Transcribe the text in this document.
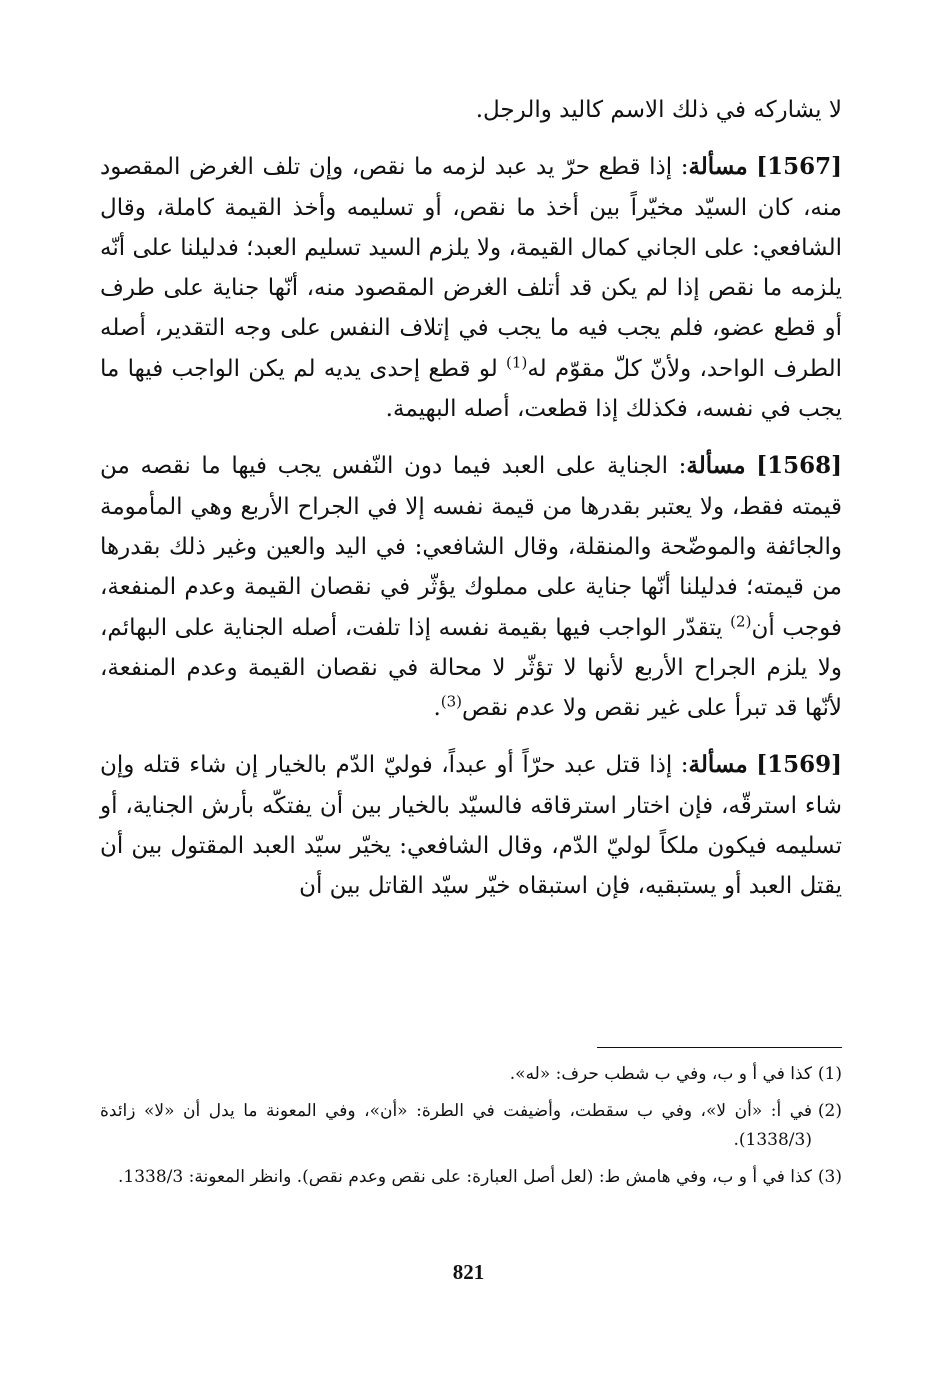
لا يشاركه في ذلك الاسم كاليد والرجل.

[1567] مسألة: إذا قطع حرّ يد عبد لزمه ما نقص، وإن تلف الغرض المقصود منه، كان السيّد مخيّراً بين أخذ ما نقص، أو تسليمه وأخذ القيمة كاملة، وقال الشافعي: على الجاني كمال القيمة، ولا يلزم السيد تسليم العبد؛ فدليلنا على أنّه يلزمه ما نقص إذا لم يكن قد أتلف الغرض المقصود منه، أنّها جناية على طرف أو قطع عضو، فلم يجب فيه ما يجب في إتلاف النفس على وجه التقدير، أصله الطرف الواحد، ولأنّ كلّ مقوّم له$^{(1)}$ لو قطع إحدى يديه لم يكن الواجب فيها ما يجب في نفسه، فكذلك إذا قطعت، أصله البهيمة.

[1568] مسألة: الجناية على العبد فيما دون النّفس يجب فيها ما نقصه من قيمته فقط، ولا يعتبر بقدرها من قيمة نفسه إلا في الجراح الأربع وهي المأمومة والجائفة والموضّحة والمنقلة، وقال الشافعي: في اليد والعين وغير ذلك بقدرها من قيمته؛ فدليلنا أنّها جناية على مملوك يؤثّر في نقصان القيمة وعدم المنفعة، فوجب أن$^{(2)}$ يتقدّر الواجب فيها بقيمة نفسه إذا تلفت، أصله الجناية على البهائم، ولا يلزم الجراح الأربع لأنها لا تؤثّر لا محالة في نقصان القيمة وعدم المنفعة، لأنّها قد تبرأ على غير نقص ولا عدم نقص$^{(3)}$.

[1569] مسألة: إذا قتل عبد حرّاً أو عبداً، فوليّ الدّم بالخيار إن شاء قتله وإن شاء استرقّه، فإن اختار استرقاقه فالسيّد بالخيار بين أن يفتكّه بأرش الجناية، أو تسليمه فيكون ملكاً لوليّ الدّم، وقال الشافعي: يخيّر سيّد العبد المقتول بين أن يقتل العبد أو يستبقيه، فإن استبقاه خيّر سيّد القاتل بين أن

(1)
كذا في أ و ب، وفي ب شطب حرف: «له».
(2)
في أ: «أن لا»، وفي ب سقطت، وأضيفت في الطرة: «أن»، وفي المعونة ما يدل أن «لا» زائدة (1338/3).
(3)
كذا في أ و ب، وفي هامش ط: (لعل أصل العبارة: على نقص وعدم نقص). وانظر المعونة: 1338/3.
821
